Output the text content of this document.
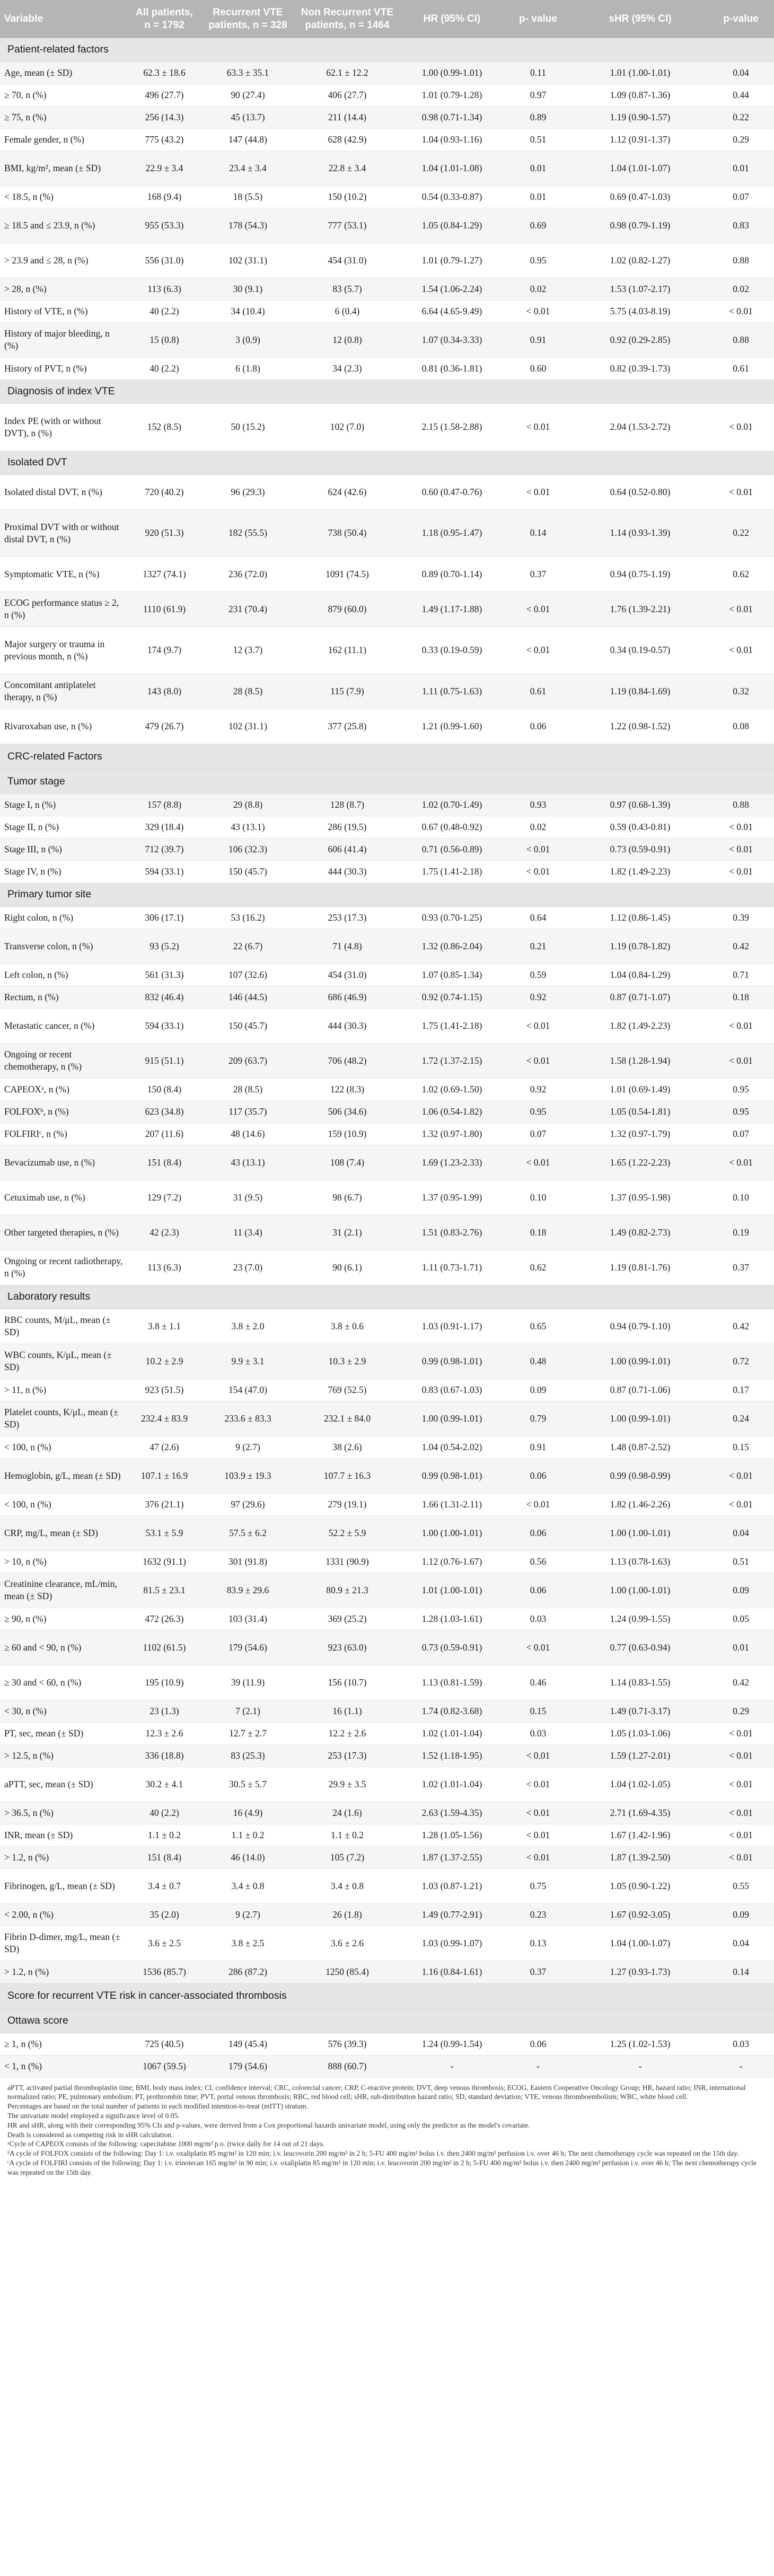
Variable	All patients, n = 1792	Recurrent VTE patients, n = 328	Non Recurrent VTE patients, n = 1464	HR (95% CI)	p- value	sHR (95% CI)	p-value
Patient-related factors							
Age, mean (± SD)	62.3 ± 18.6	63.3 ± 35.1	62.1 ± 12.2	1.00 (0.99-1.01)	0.11	1.01 (1.00-1.01)	0.04
≥ 70, n (%)	496 (27.7)	90 (27.4)	406 (27.7)	1.01 (0.79-1.28)	0.97	1.09 (0.87-1.36)	0.44
≥ 75, n (%)	256 (14.3)	45 (13.7)	211 (14.4)	0.98 (0.71-1.34)	0.89	1.19 (0.90-1.57)	0.22
Female gender, n (%)	775 (43.2)	147 (44.8)	628 (42.9)	1.04 (0.93-1.16)	0.51	1.12 (0.91-1.37)	0.29
BMI, kg/m², mean (± SD)	22.9 ± 3.4	23.4 ± 3.4	22.8 ± 3.4	1.04 (1.01-1.08)	0.01	1.04 (1.01-1.07)	0.01
< 18.5, n (%)	168 (9.4)	18 (5.5)	150 (10.2)	0.54 (0.33-0.87)	0.01	0.69 (0.47-1.03)	0.07
≥ 18.5 and ≤ 23.9, n (%)	955 (53.3)	178 (54.3)	777 (53.1)	1.05 (0.84-1.29)	0.69	0.98 (0.79-1.19)	0.83
> 23.9 and ≤ 28, n (%)	556 (31.0)	102 (31.1)	454 (31.0)	1.01 (0.79-1.27)	0.95	1.02 (0.82-1.27)	0.88
> 28, n (%)	113 (6.3)	30 (9.1)	83 (5.7)	1.54 (1.06-2.24)	0.02	1.53 (1.07-2.17)	0.02
History of VTE, n (%)	40 (2.2)	34 (10.4)	6 (0.4)	6.64 (4.65-9.49)	< 0.01	5.75 (4.03-8.19)	< 0.01
History of major bleeding, n (%)	15 (0.8)	3 (0.9)	12 (0.8)	1.07 (0.34-3.33)	0.91	0.92 (0.29-2.85)	0.88
History of PVT, n (%)	40 (2.2)	6 (1.8)	34 (2.3)	0.81 (0.36-1.81)	0.60	0.82 (0.39-1.73)	0.61
Diagnosis of index VTE							
Index PE (with or without DVT), n (%)	152 (8.5)	50 (15.2)	102 (7.0)	2.15 (1.58-2.88)	< 0.01	2.04 (1.53-2.72)	< 0.01
Isolated DVT							
Isolated distal DVT, n (%)	720 (40.2)	96 (29.3)	624 (42.6)	0.60 (0.47-0.76)	< 0.01	0.64 (0.52-0.80)	< 0.01
Proximal DVT with or without distal DVT, n (%)	920 (51.3)	182 (55.5)	738 (50.4)	1.18 (0.95-1.47)	0.14	1.14 (0.93-1.39)	0.22
Symptomatic VTE, n (%)	1327 (74.1)	236 (72.0)	1091 (74.5)	0.89 (0.70-1.14)	0.37	0.94 (0.75-1.19)	0.62
ECOG performance status ≥ 2, n (%)	1110 (61.9)	231 (70.4)	879 (60.0)	1.49 (1.17-1.88)	< 0.01	1.76 (1.39-2.21)	< 0.01
Major surgery or trauma in previous month, n (%)	174 (9.7)	12 (3.7)	162 (11.1)	0.33 (0.19-0.59)	< 0.01	0.34 (0.19-0.57)	< 0.01
Concomitant antiplatelet therapy, n (%)	143 (8.0)	28 (8.5)	115 (7.9)	1.11 (0.75-1.63)	0.61	1.19 (0.84-1.69)	0.32
Rivaroxaban use, n (%)	479 (26.7)	102 (31.1)	377 (25.8)	1.21 (0.99-1.60)	0.06	1.22 (0.98-1.52)	0.08
CRC-related Factors							
Tumor stage							
Stage I, n (%)	157 (8.8)	29 (8.8)	128 (8.7)	1.02 (0.70-1.49)	0.93	0.97 (0.68-1.39)	0.88
Stage II, n (%)	329 (18.4)	43 (13.1)	286 (19.5)	0.67 (0.48-0.92)	0.02	0.59 (0.43-0.81)	< 0.01
Stage III, n (%)	712 (39.7)	106 (32.3)	606 (41.4)	0.71 (0.56-0.89)	< 0.01	0.73 (0.59-0.91)	< 0.01
Stage IV, n (%)	594 (33.1)	150 (45.7)	444 (30.3)	1.75 (1.41-2.18)	< 0.01	1.82 (1.49-2.23)	< 0.01
Primary tumor site							
Right colon, n (%)	306 (17.1)	53 (16.2)	253 (17.3)	0.93 (0.70-1.25)	0.64	1.12 (0.86-1.45)	0.39
Transverse colon, n (%)	93 (5.2)	22 (6.7)	71 (4.8)	1.32 (0.86-2.04)	0.21	1.19 (0.78-1.82)	0.42
Left colon, n (%)	561 (31.3)	107 (32.6)	454 (31.0)	1.07 (0.85-1.34)	0.59	1.04 (0.84-1.29)	0.71
Rectum, n (%)	832 (46.4)	146 (44.5)	686 (46.9)	0.92 (0.74-1.15)	0.92	0.87 (0.71-1.07)	0.18
Metastatic cancer, n (%)	594 (33.1)	150 (45.7)	444 (30.3)	1.75 (1.41-2.18)	< 0.01	1.82 (1.49-2.23)	< 0.01
Ongoing or recent chemotherapy, n (%)	915 (51.1)	209 (63.7)	706 (48.2)	1.72 (1.37-2.15)	< 0.01	1.58 (1.28-1.94)	< 0.01
CAPEOXᵃ, n (%)	150 (8.4)	28 (8.5)	122 (8.3)	1.02 (0.69-1.50)	0.92	1.01 (0.69-1.49)	0.95
FOLFOXᵇ, n (%)	623 (34.8)	117 (35.7)	506 (34.6)	1.06 (0.54-1.82)	0.95	1.05 (0.54-1.81)	0.95
FOLFIRIᶜ, n (%)	207 (11.6)	48 (14.6)	159 (10.9)	1.32 (0.97-1.80)	0.07	1.32 (0.97-1.79)	0.07
Bevacizumab use, n (%)	151 (8.4)	43 (13.1)	108 (7.4)	1.69 (1.23-2.33)	< 0.01	1.65 (1.22-2.23)	< 0.01
Cetuximab use, n (%)	129 (7.2)	31 (9.5)	98 (6.7)	1.37 (0.95-1.99)	0.10	1.37 (0.95-1.98)	0.10
Other targeted therapies, n (%)	42 (2.3)	11 (3.4)	31 (2.1)	1.51 (0.83-2.76)	0.18	1.49 (0.82-2.73)	0.19
Ongoing or recent radiotherapy, n (%)	113 (6.3)	23 (7.0)	90 (6.1)	1.11 (0.73-1.71)	0.62	1.19 (0.81-1.76)	0.37
Laboratory results							
RBC counts, M/μL, mean (± SD)	3.8 ± 1.1	3.8 ± 2.0	3.8 ± 0.6	1.03 (0.91-1.17)	0.65	0.94 (0.79-1.10)	0.42
WBC counts, K/μL, mean (± SD)	10.2 ± 2.9	9.9 ± 3.1	10.3 ± 2.9	0.99 (0.98-1.01)	0.48	1.00 (0.99-1.01)	0.72
> 11, n (%)	923 (51.5)	154 (47.0)	769 (52.5)	0.83 (0.67-1.03)	0.09	0.87 (0.71-1.06)	0.17
Platelet counts, K/μL, mean (± SD)	232.4 ± 83.9	233.6 ± 83.3	232.1 ± 84.0	1.00 (0.99-1.01)	0.79	1.00 (0.99-1.01)	0.24
< 100, n (%)	47 (2.6)	9 (2.7)	38 (2.6)	1.04 (0.54-2.02)	0.91	1.48 (0.87-2.52)	0.15
Hemoglobin, g/L, mean (± SD)	107.1 ± 16.9	103.9 ± 19.3	107.7 ± 16.3	0.99 (0.98-1.01)	0.06	0.99 (0.98-0.99)	< 0.01
< 100, n (%)	376 (21.1)	97 (29.6)	279 (19.1)	1.66 (1.31-2.11)	< 0.01	1.82 (1.46-2.26)	< 0.01
CRP, mg/L, mean (± SD)	53.1 ± 5.9	57.5 ± 6.2	52.2 ± 5.9	1.00 (1.00-1.01)	0.06	1.00 (1.00-1.01)	0.04
> 10, n (%)	1632 (91.1)	301 (91.8)	1331 (90.9)	1.12 (0.76-1.67)	0.56	1.13 (0.78-1.63)	0.51
Creatinine clearance, mL/min, mean (± SD)	81.5 ± 23.1	83.9 ± 29.6	80.9 ± 21.3	1.01 (1.00-1.01)	0.06	1.00 (1.00-1.01)	0.09
≥ 90, n (%)	472 (26.3)	103 (31.4)	369 (25.2)	1.28 (1.03-1.61)	0.03	1.24 (0.99-1.55)	0.05
≥ 60 and < 90, n (%)	1102 (61.5)	179 (54.6)	923 (63.0)	0.73 (0.59-0.91)	< 0.01	0.77 (0.63-0.94)	0.01
≥ 30 and < 60, n (%)	195 (10.9)	39 (11.9)	156 (10.7)	1.13 (0.81-1.59)	0.46	1.14 (0.83-1.55)	0.42
< 30, n (%)	23 (1.3)	7 (2.1)	16 (1.1)	1.74 (0.82-3.68)	0.15	1.49 (0.71-3.17)	0.29
PT, sec, mean (± SD)	12.3 ± 2.6	12.7 ± 2.7	12.2 ± 2.6	1.02 (1.01-1.04)	0.03	1.05 (1.03-1.06)	< 0.01
> 12.5, n (%)	336 (18.8)	83 (25.3)	253 (17.3)	1.52 (1.18-1.95)	< 0.01	1.59 (1.27-2.01)	< 0.01
aPTT, sec, mean (± SD)	30.2 ± 4.1	30.5 ± 5.7	29.9 ± 3.5	1.02 (1.01-1.04)	< 0.01	1.04 (1.02-1.05)	< 0.01
> 36.5, n (%)	40 (2.2)	16 (4.9)	24 (1.6)	2.63 (1.59-4.35)	< 0.01	2.71 (1.69-4.35)	< 0.01
INR, mean (± SD)	1.1 ± 0.2	1.1 ± 0.2	1.1 ± 0.2	1.28 (1.05-1.56)	< 0.01	1.67 (1.42-1.96)	< 0.01
> 1.2, n (%)	151 (8.4)	46 (14.0)	105 (7.2)	1.87 (1.37-2.55)	< 0.01	1.87 (1.39-2.50)	< 0.01
Fibrinogen, g/L, mean (± SD)	3.4 ± 0.7	3.4 ± 0.8	3.4 ± 0.8	1.03 (0.87-1.21)	0.75	1.05 (0.90-1.22)	0.55
< 2.00, n (%)	35 (2.0)	9 (2.7)	26 (1.8)	1.49 (0.77-2.91)	0.23	1.67 (0.92-3.05)	0.09
Fibrin D-dimer, mg/L, mean (± SD)	3.6 ± 2.5	3.8 ± 2.5	3.6 ± 2.6	1.03 (0.99-1.07)	0.13	1.04 (1.00-1.07)	0.04
> 1.2, n (%)	1536 (85.7)	286 (87.2)	1250 (85.4)	1.16 (0.84-1.61)	0.37	1.27 (0.93-1.73)	0.14
Score for recurrent VTE risk in cancer-associated thrombosis							
Ottawa score							
≥ 1, n (%)	725 (40.5)	149 (45.4)	576 (39.3)	1.24 (0.99-1.54)	0.06	1.25 (1.02-1.53)	0.03
< 1, n (%)	1067 (59.5)	179 (54.6)	888 (60.7)	-	-	-	-

aPTT, activated partial thromboplastin time; BMI, body mass index; CI, confidence interval; CRC, colorectal cancer; CRP, C-reactive protein; DVT, deep venous thrombosis; ECOG, Eastern Cooperative Oncology Group; HR, hazard ratio; INR, international normalized ratio; PE, pulmonary embolism; PT, prothrombin time; PVT, portal venous thrombosis; RBC, red blood cell; sHR, sub-distribution hazard ratio; SD, standard deviation; VTE, venous thromboembolism; WBC, white blood cell.

Percentages are based on the total number of patients in each modified intention-to-treat (mITT) stratum.

The univariate model employed a significance level of 0.05.

HR and sHR, along with their corresponding 95% CIs and p-values, were derived from a Cox proportional hazards univariate model, using only the predictor as the model's covariate.

Death is considered as competing risk in sHR calculation.

ᵃCycle of CAPEOX consists of the following: capecitabine 1000 mg/m² p.o. (twice daily for 14 out of 21 days.

ᵇA cycle of FOLFOX consists of the following: Day 1: i.v. oxaliplatin 85 mg/m² in 120 min; i.v. leucovorin 200 mg/m² in 2 h; 5-FU 400 mg/m² bolus i.v. then 2400 mg/m² perfusion i.v. over 46 h; The next chemotherapy cycle was repeated on the 15th day.

ᶜA cycle of FOLFIRI consists of the following: Day 1: i.v. irinotecan 165 mg/m² in 90 min; i.v. oxaliplatin 85 mg/m² in 120 min; i.v. leucovorin 200 mg/m² in 2 h; 5-FU 400 mg/m² bolus i.v. then 2400 mg/m² perfusion i.v. over 46 h; The next chemotherapy cycle was repeated on the 15th day.
